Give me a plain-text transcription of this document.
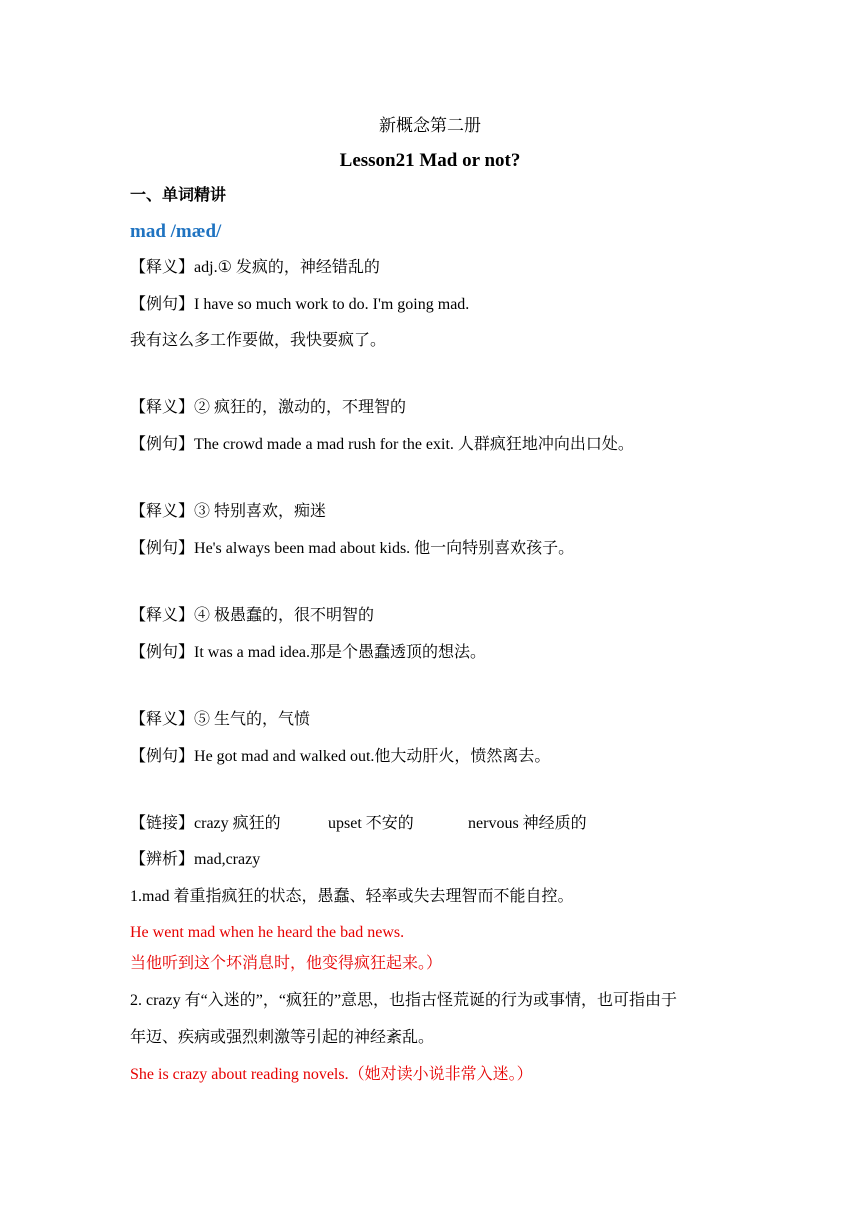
新概念第二册
Lesson21 Mad or not?
一、单词精讲
mad /mæd/
【释义】adj.① 发疯的，神经错乱的
【例句】I have so much work to do. I'm going mad.
我有这么多工作要做，我快要疯了。
【释义】② 疯狂的，激动的，不理智的
【例句】The crowd made a mad rush for the exit. 人群疯狂地冲向出口处。
【释义】③ 特别喜欢，痴迷
【例句】He's always been mad about kids. 他一向特别喜欢孩子。
【释义】④ 极愚蠢的，很不明智的
【例句】It was a mad idea.那是个愚蠢透顶的想法。
【释义】⑤ 生气的，气愤
【例句】He got mad and walked out.他大动肝火，愤然离去。
【链接】crazy 疯狂的	upset 不安的	nervous 神经质的
【辨析】mad,crazy
1.mad 着重指疯狂的状态，愚蠢、轻率或失去理智而不能自控。
He went mad when he heard the bad news.
当他听到这个坏消息时，他变得疯狂起来。）
2. crazy 有“入迷的”，“疯狂的”意思，也指古怪荒诞的行为或事情，也可指由于
年迈、疾病或强烈刺激等引起的神经紊乱。
She is crazy about reading novels.（她对读小说非常入迷。）
